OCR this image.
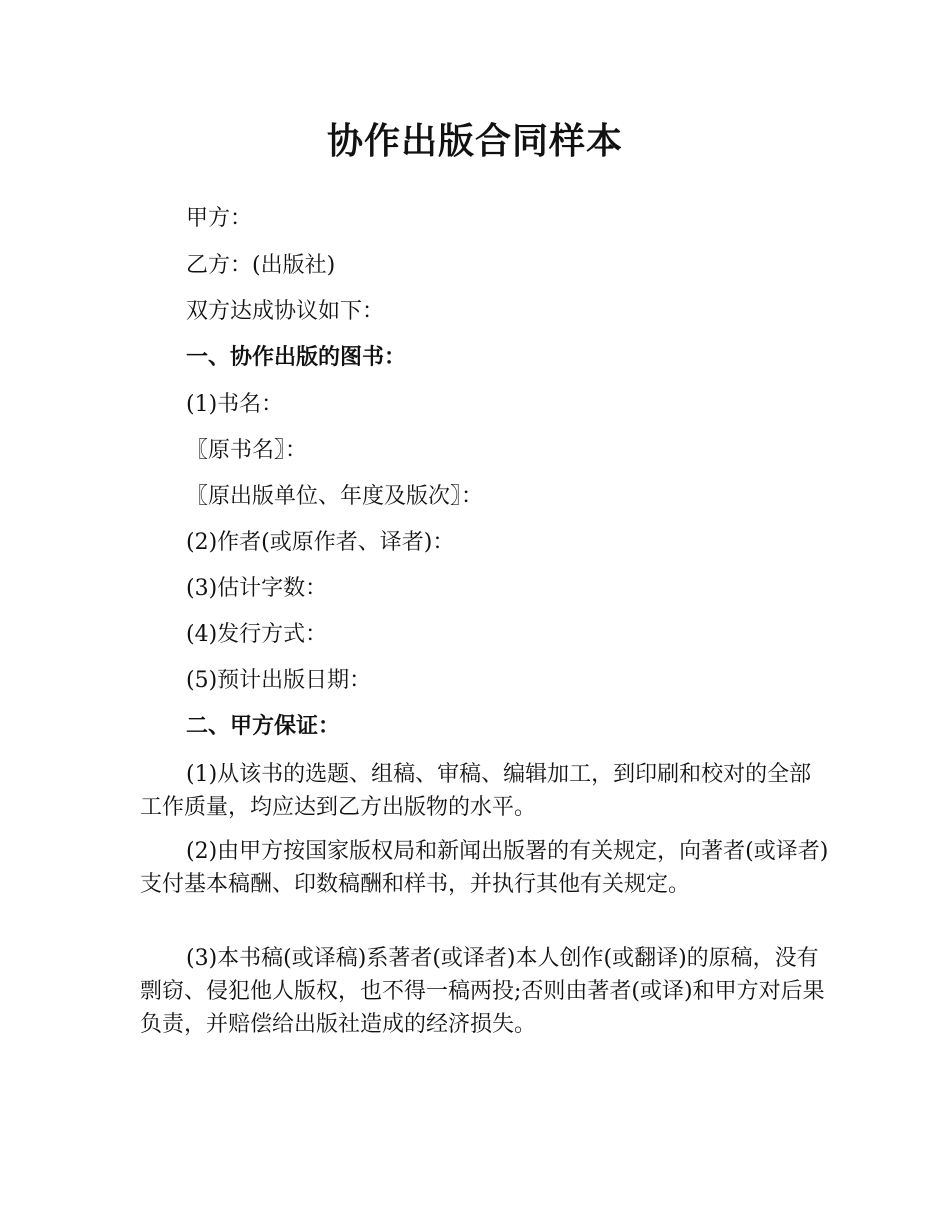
协作出版合同样本

甲方：

乙方：(出版社)

双方达成协议如下：

一、协作出版的图书：

(1)书名：

〖原书名〗：

〖原出版单位、年度及版次〗：

(2)作者(或原作者、译者)：

(3)估计字数：

(4)发行方式：

(5)预计出版日期：

二、甲方保证：

(1)从该书的选题、组稿、审稿、编辑加工，到印刷和校对的全部工作质量，均应达到乙方出版物的水平。

(2)由甲方按国家版权局和新闻出版署的有关规定，向著者(或译者)支付基本稿酬、印数稿酬和样书，并执行其他有关规定。

(3)本书稿(或译稿)系著者(或译者)本人创作(或翻译)的原稿，没有剽窃、侵犯他人版权，也不得一稿两投;否则由著者(或译)和甲方对后果负责，并赔偿给出版社造成的经济损失。
